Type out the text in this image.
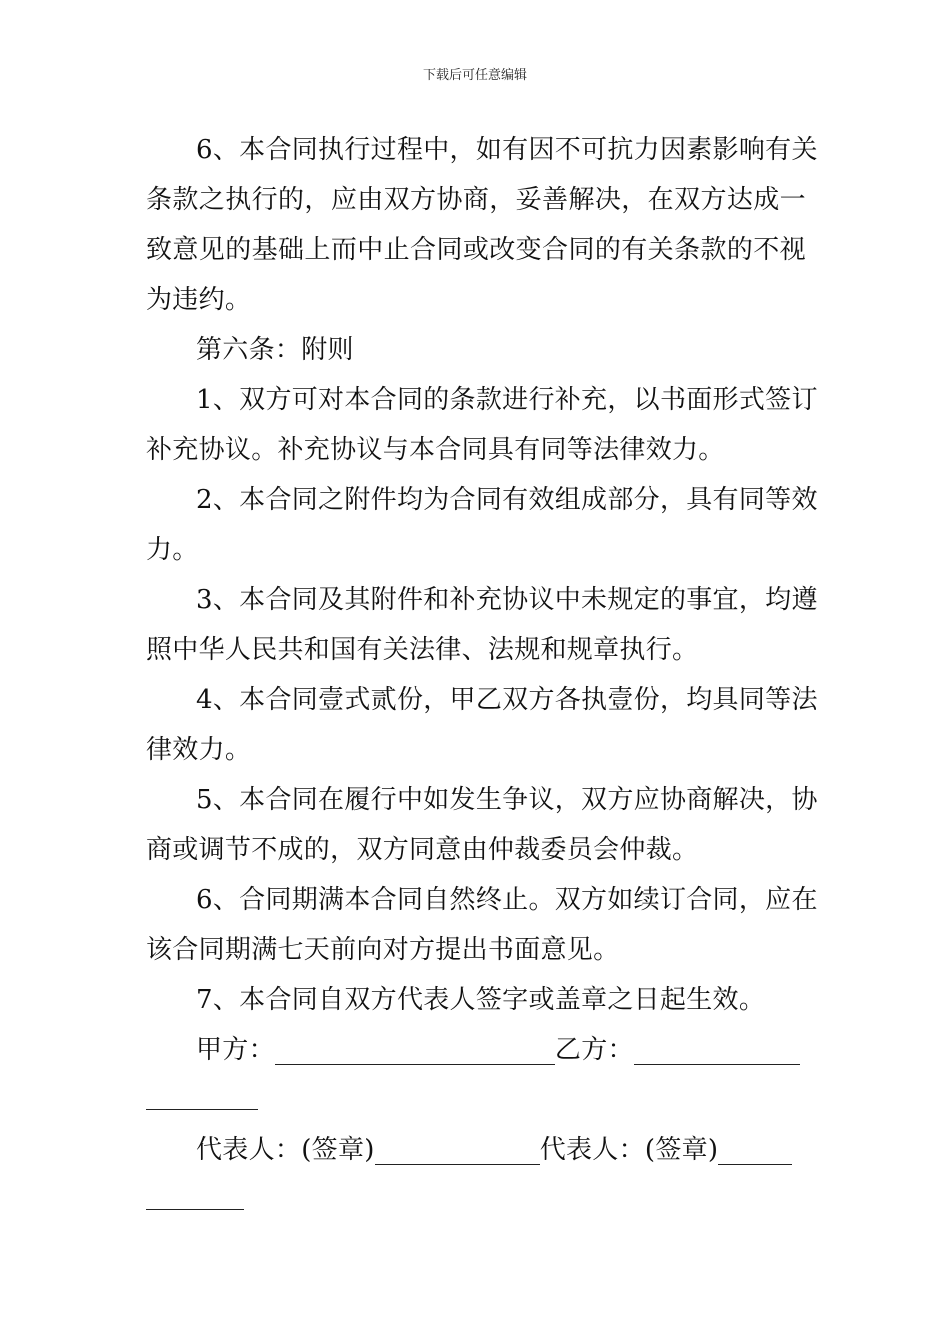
下载后可任意编辑
6、本合同执行过程中，如有因不可抗力因素影响有关
条款之执行的，应由双方协商，妥善解决，在双方达成一
致意见的基础上而中止合同或改变合同的有关条款的不视
为违约。
第六条：附则
1、双方可对本合同的条款进行补充，以书面形式签订
补充协议。补充协议与本合同具有同等法律效力。
2、本合同之附件均为合同有效组成部分，具有同等效
力。
3、本合同及其附件和补充协议中未规定的事宜，均遵
照中华人民共和国有关法律、法规和规章执行。
4、本合同壹式贰份，甲乙双方各执壹份，均具同等法
律效力。
5、本合同在履行中如发生争议，双方应协商解决，协
商或调节不成的，双方同意由仲裁委员会仲裁。
6、合同期满本合同自然终止。双方如续订合同，应在
该合同期满七天前向对方提出书面意见。
7、本合同自双方代表人签字或盖章之日起生效。
甲方：	乙方：
代表人：(签章)	代表人：(签章)
